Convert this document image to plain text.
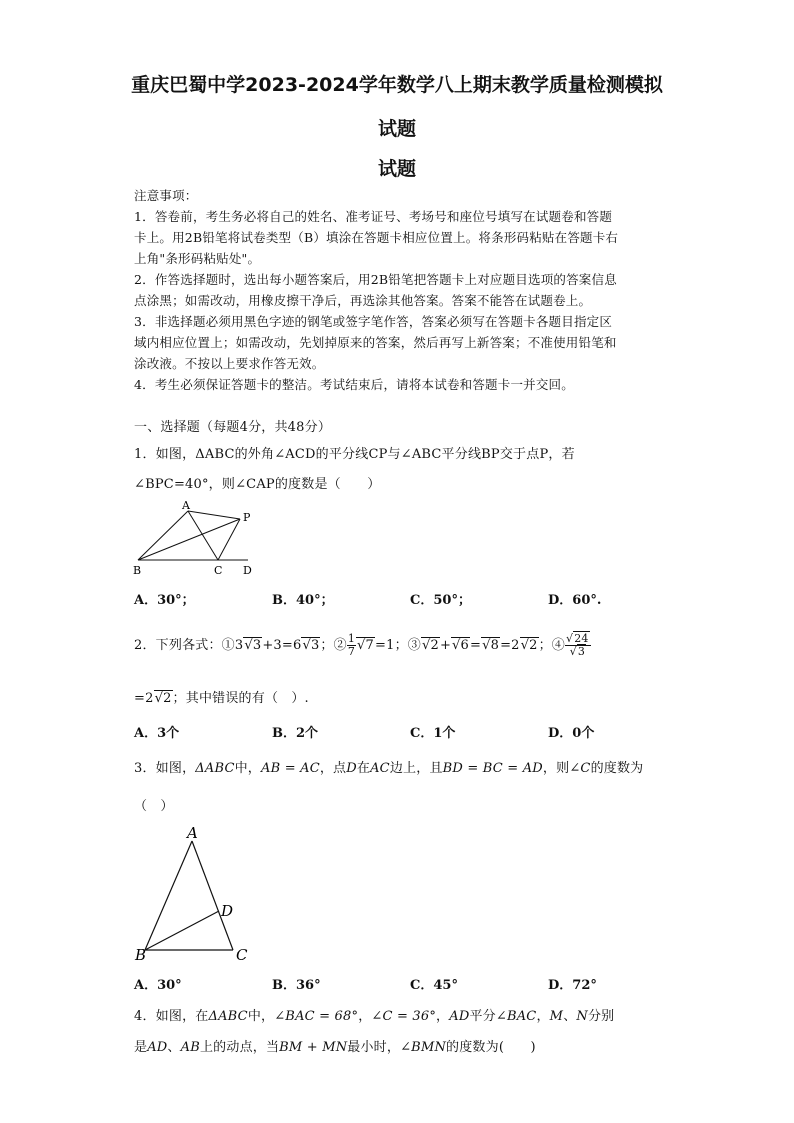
重庆巴蜀中学2023-2024学年数学八上期末教学质量检测模拟
试题
试题
注意事项：
1．答卷前，考生务必将自己的姓名、准考证号、考场号和座位号填写在试题卷和答题
卡上。用2B铅笔将试卷类型（B）填涂在答题卡相应位置上。将条形码粘贴在答题卡右
上角"条形码粘贴处"。
2．作答选择题时，选出每小题答案后，用2B铅笔把答题卡上对应题目选项的答案信息
点涂黑；如需改动，用橡皮擦干净后，再选涂其他答案。答案不能答在试题卷上。
3．非选择题必须用黑色字迹的钢笔或签字笔作答，答案必须写在答题卡各题目指定区
域内相应位置上；如需改动，先划掉原来的答案，然后再写上新答案；不准使用铅笔和
涂改液。不按以上要求作答无效。
4．考生必须保证答题卡的整洁。考试结束后，请将本试卷和答题卡一并交回。
一、选择题（每题4分，共48分）
1．如图，ΔABC的外角∠ACD的平分线CP与∠ABC平分线BP交于点P，若
∠BPC=40°，则∠CAP的度数是（　　）
A
P
B	C D
A．30°；	B．40°；	C．50°；	D．60°.
2．下列各式：①3√3+3=6√3；② $\frac{1}{7} √7=1$；③√2+√6=√8=2√2；④ $\frac{√24}{√3}$
=2√2；其中错误的有（　）.
A．3个	B．2个	C．1个	D．0个
3．如图，ΔABC中，AB = AC，点D在AC边上，且BD = BC = AD，则∠C的度数为
（　）
A
D
B	C
A．30°	B．36°	C．45°	D．72°
4．如图，在ΔABC中，∠BAC = 68°，∠C = 36°，AD平分∠BAC，M、N分别
是AD、AB上的动点，当BM + MN最小时，∠BMN的度数为(　　)
